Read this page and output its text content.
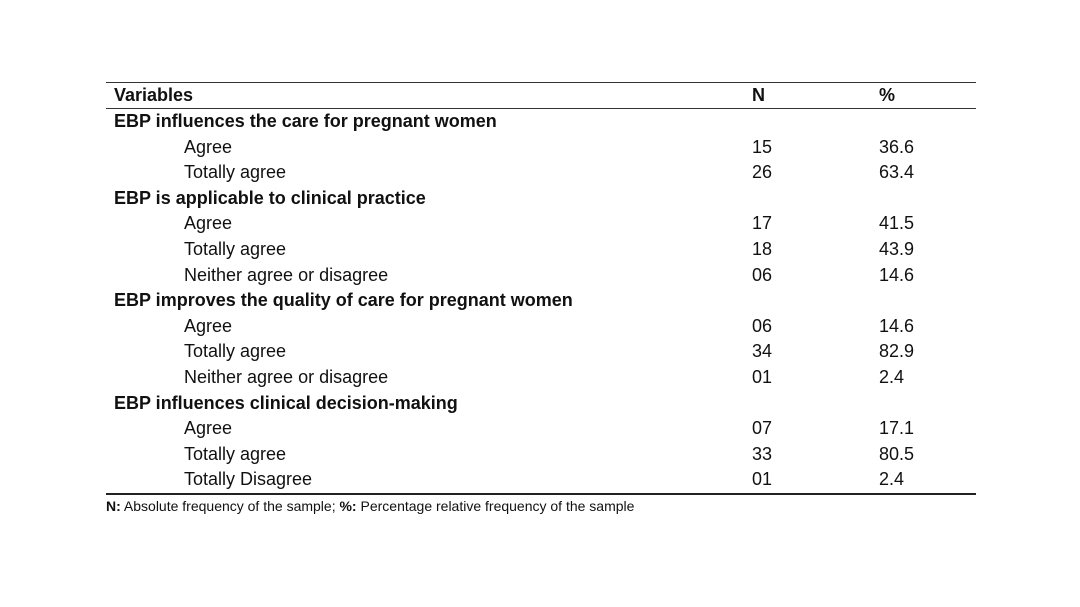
Variables	N	%
EBP influences the care for pregnant women		
Agree	15	36.6
Totally agree	26	63.4
EBP is applicable to clinical practice		
Agree	17	41.5
Totally agree	18	43.9
Neither agree or disagree	06	14.6
EBP improves the quality of care for pregnant women		
Agree	06	14.6
Totally agree	34	82.9
Neither agree or disagree	01	2.4
EBP influences clinical decision-making		
Agree	07	17.1
Totally agree	33	80.5
Totally Disagree	01	2.4
N: Absolute frequency of the sample; %: Percentage relative frequency of the sample
